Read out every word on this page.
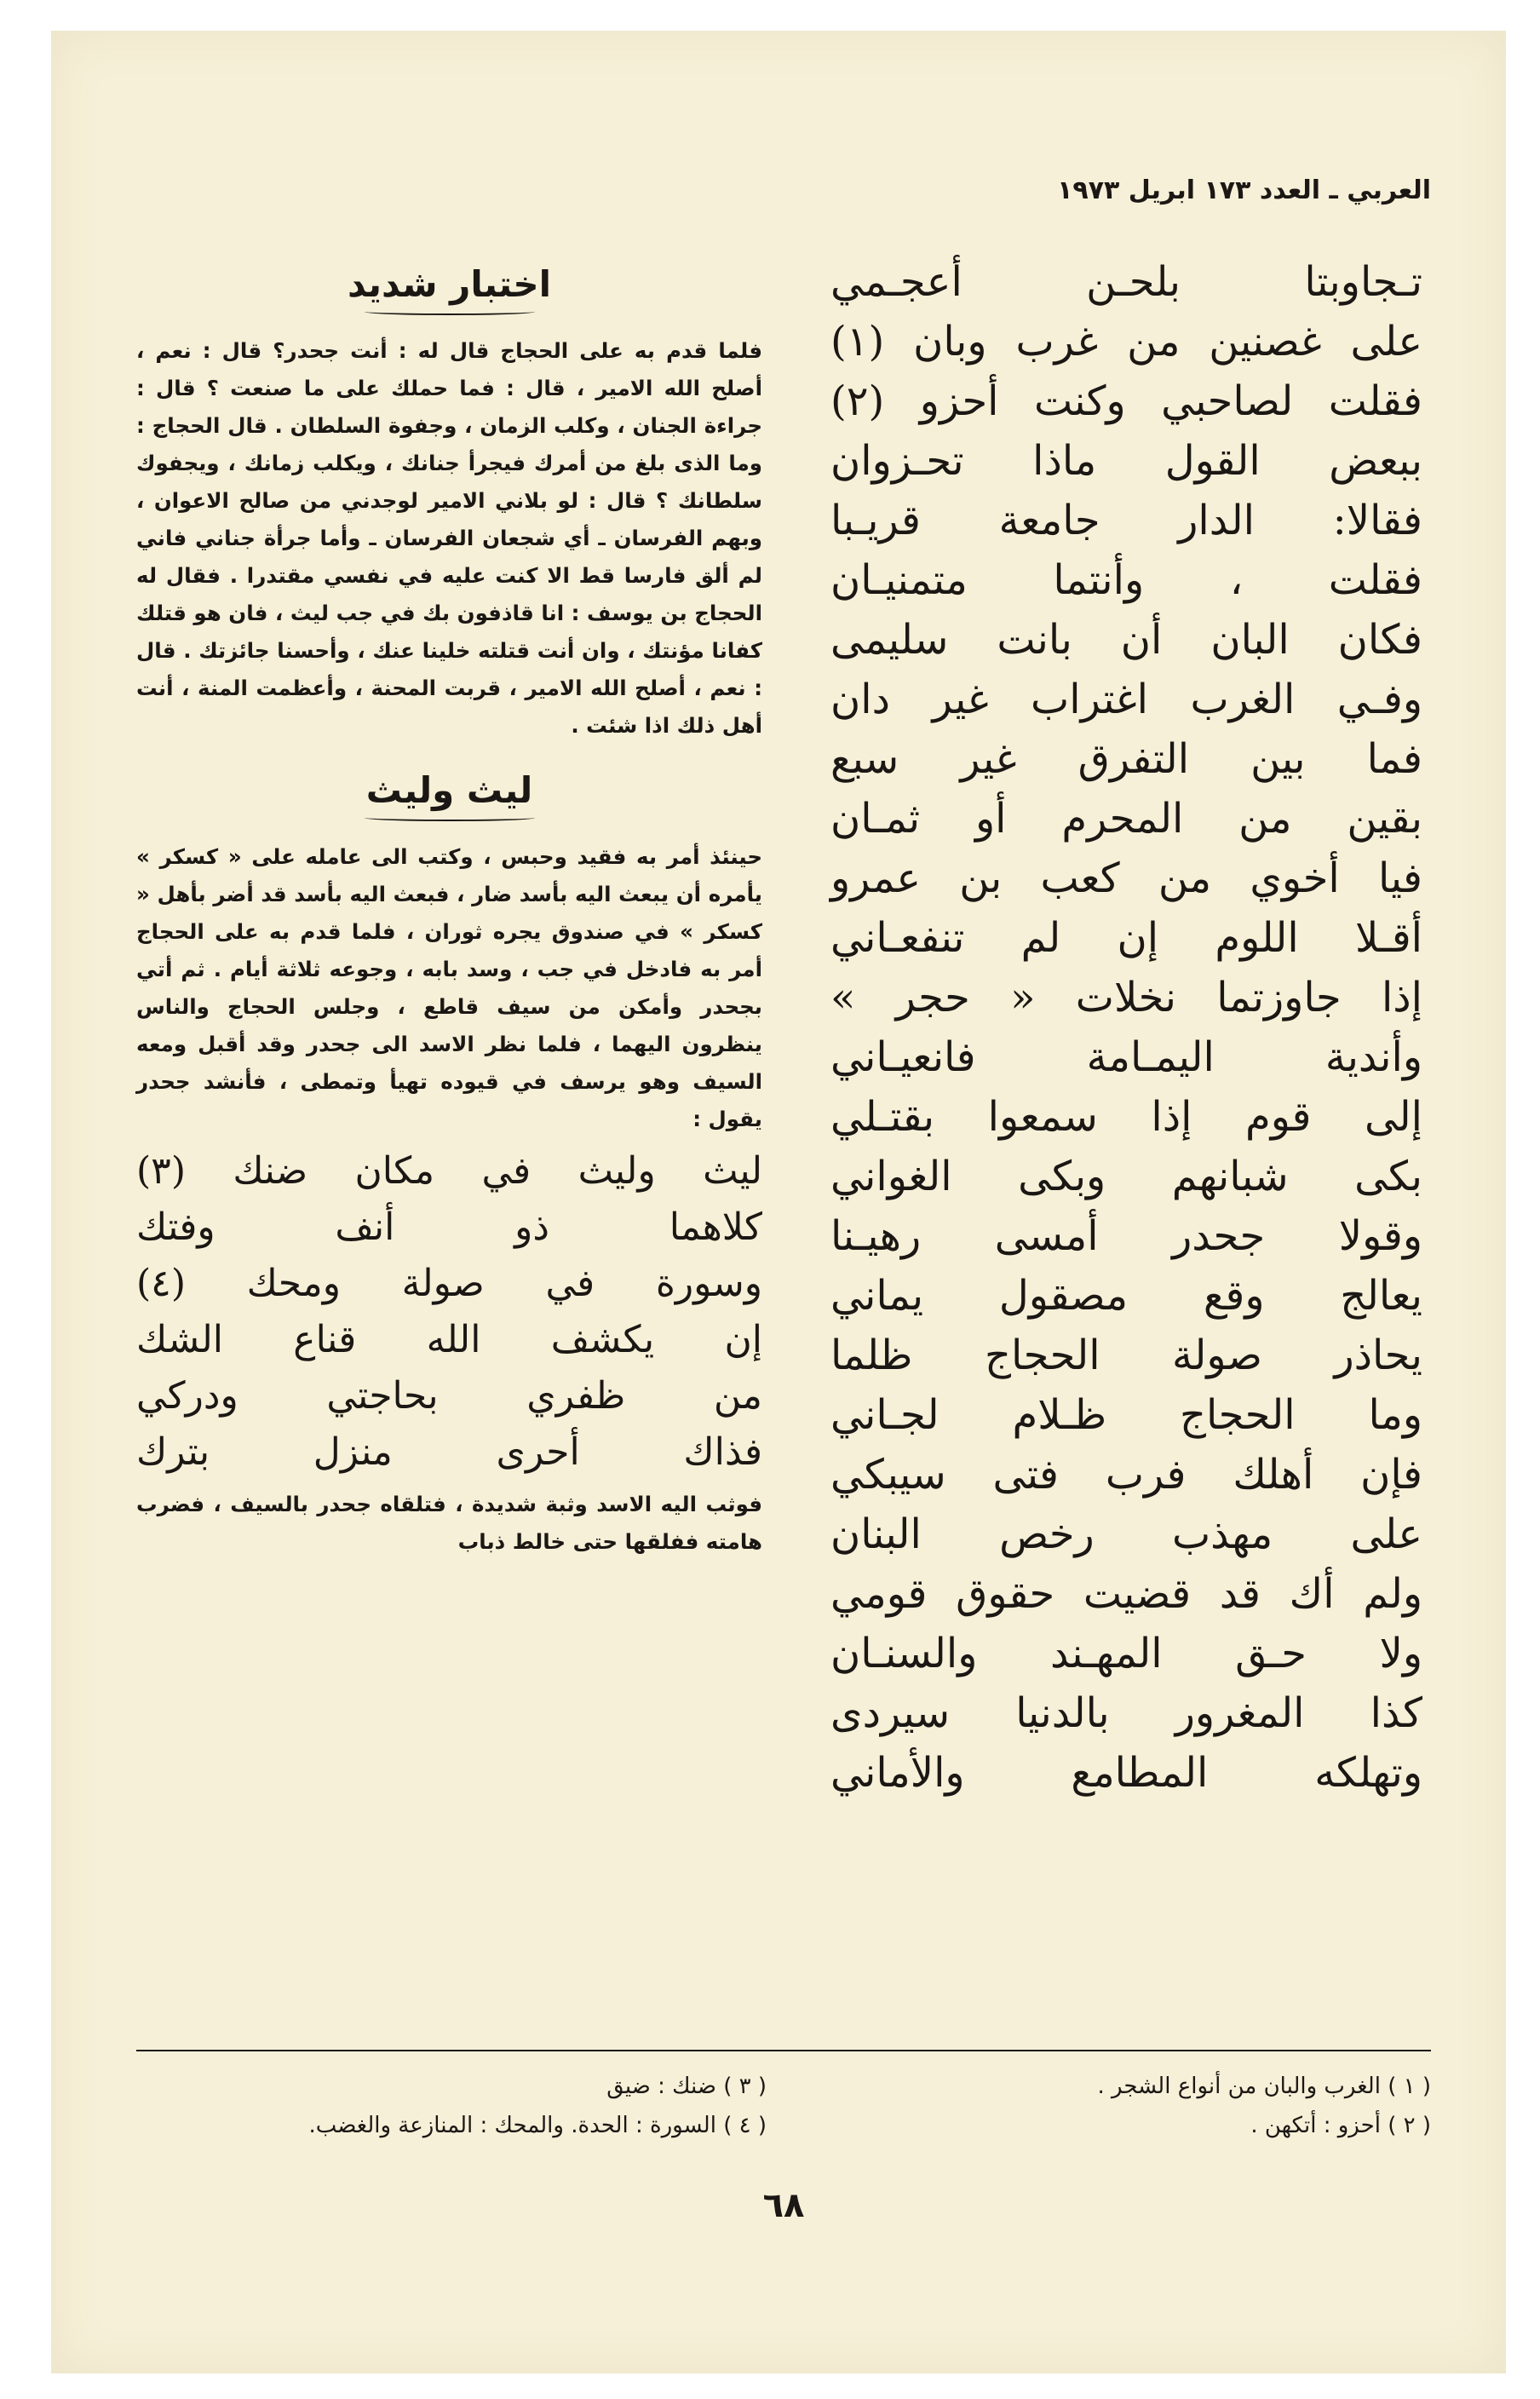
العربي ـ العدد ١٧٣ ابريل ١٩٧٣
تـجاوبتا بلحـن أعجـمي
على غصنين من غرب وبان (١)
فقلت لصاحبي وكنت أحزو (٢)
ببعض القول ماذا تحـزوان
فقالا: الدار جامعة قريـبا
فقلت ، وأنتما متمنيـان
فكان البان أن بانت سليمى
وفـي الغرب اغتراب غير دان
فما بين التفرق غير سبع
بقين من المحرم أو ثمـان
فيا أخوي من كعب بن عمرو
أقـلا اللوم إن لم تنفعـاني
إذا جاوزتما نخلات « حجر »
وأندية اليمـامة فانعيـاني
إلى قوم إذا سمعوا بقتـلي
بكى شبانهم وبكى الغواني
وقولا جحدر أمسى رهيـنا
يعالج وقع مصقول يماني
يحاذر صولة الحجاج ظلما
وما الحجاج ظـلام لجـاني
فإن أهلك فرب فتى سيبكي
على مهذب رخص البنان
ولم أك قد قضيت حقوق قومي
ولا حـق المهـند والسنـان
كذا المغرور بالدنيا سيردى
وتهلكه المطامع والأماني
اختبار شديد
فلما قدم به على الحجاج قال له : أنت جحدر؟ قال : نعم ، أصلح الله الامير ، قال : فما حملك على ما صنعت ؟ قال : جراءة الجنان ، وكلب الزمان ، وجفوة السلطان . قال الحجاج : وما الذى بلغ من أمرك فيجرأ جنانك ، ويكلب زمانك ، ويجفوك سلطانك ؟ قال : لو بلاني الامير لوجدني من صالح الاعوان ، وبهم الفرسان ـ أي شجعان الفرسان ـ وأما جرأة جناني فاني لم ألق فارسا قط الا كنت عليه في نفسي مقتدرا . فقال له الحجاج بن يوسف : انا قاذفون بك في جب ليث ، فان هو قتلك كفانا مؤنتك ، وان أنت قتلته خلينا عنك ، وأحسنا جائزتك . قال : نعم ، أصلح الله الامير ، قربت المحنة ، وأعظمت المنة ، أنت أهل ذلك اذا شئت .
ليث وليث
حينئذ أمر به فقيد وحبس ، وكتب الى عامله على « كسكر » يأمره أن يبعث اليه بأسد ضار ، فبعث اليه بأسد قد أضر بأهل « كسكر » في صندوق يجره ثوران ، فلما قدم به على الحجاج أمر به فادخل في جب ، وسد بابه ، وجوعه ثلاثة أيام . ثم أتي بجحدر وأمكن من سيف قاطع ، وجلس الحجاج والناس ينظرون اليهما ، فلما نظر الاسد الى جحدر وقد أقبل ومعه السيف وهو يرسف في قيوده تهيأ وتمطى ، فأنشد جحدر يقول :
ليث وليث في مكان ضنك (٣)
كلاهما ذو أنف وفتك
وسورة في صولة ومحك (٤)
إن يكشف الله قناع الشك
من ظفري بحاجتي ودركي
فذاك أحرى منزل بترك
فوثب اليه الاسد وثبة شديدة ، فتلقاه جحدر بالسيف ، فضرب هامته ففلقها حتى خالط ذباب
( ١ ) الغرب والبان من أنواع الشجر .
( ٢ ) أحزو : أتكهن .
( ٣ ) ضنك : ضيق
( ٤ ) السورة : الحدة. والمحك : المنازعة والغضب.
٦٨
